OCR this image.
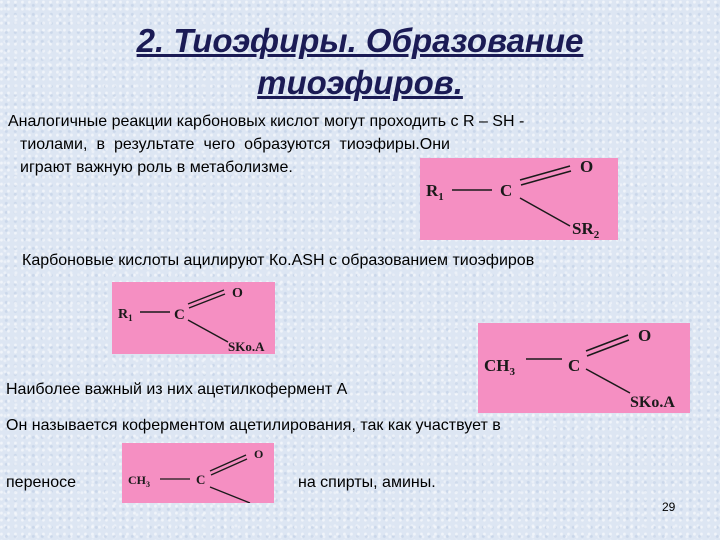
2. Тиоэфиры. Образование
тиоэфиров.
Аналогичные реакции карбоновых кислот могут проходить с R – SH -
тиолами, в результате чего образуются тиоэфиры.Они играют важную роль в метаболизме.
$R_1$	C
O
$SR_2$
Карбоновые кислоты ацилируют Ко.ASH с образованием тиоэфиров
$R_1$	C
O
SKo.A
$CH_3$	C
O
SKo.A
Наиболее важный из них ацетилкофермент А
Он называется коферментом ацетилирования, так как участвует в
переносе	$CH_3$	C
O
на спирты, амины.
29
